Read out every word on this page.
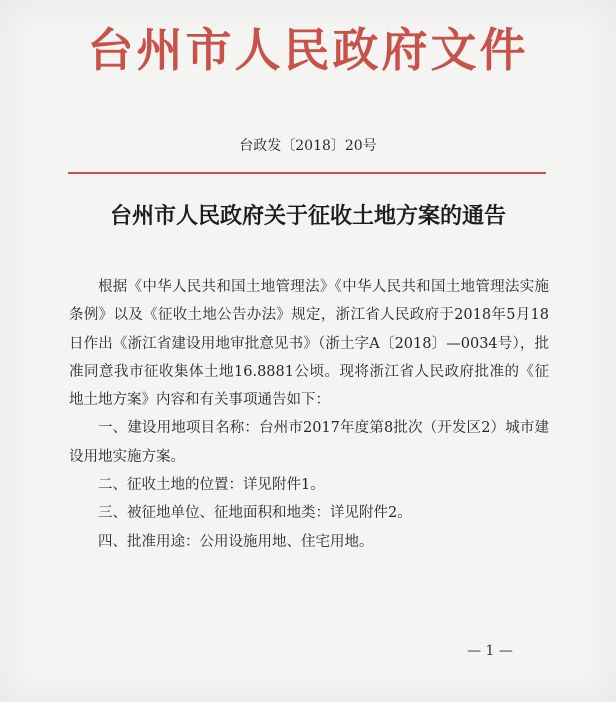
台州市人民政府文件
台政发〔2018〕20号
台州市人民政府关于征收土地方案的通告

根据《中华人民共和国土地管理法》《中华人民共和国土地管理法实施条例》以及《征收土地公告办法》规定，浙江省人民政府于2018年5月18日作出《浙江省建设用地审批意见书》（浙土字A〔2018〕—0034号），批准同意我市征收集体土地16.8881公顷。现将浙江省人民政府批准的《征地土地方案》内容和有关事项通告如下：

一、建设用地项目名称：台州市2017年度第8批次（开发区2）城市建设用地实施方案。

二、征收土地的位置：详见附件1。

三、被征地单位、征地面积和地类：详见附件2。

四、批准用途：公用设施用地、住宅用地。

— 1 —
